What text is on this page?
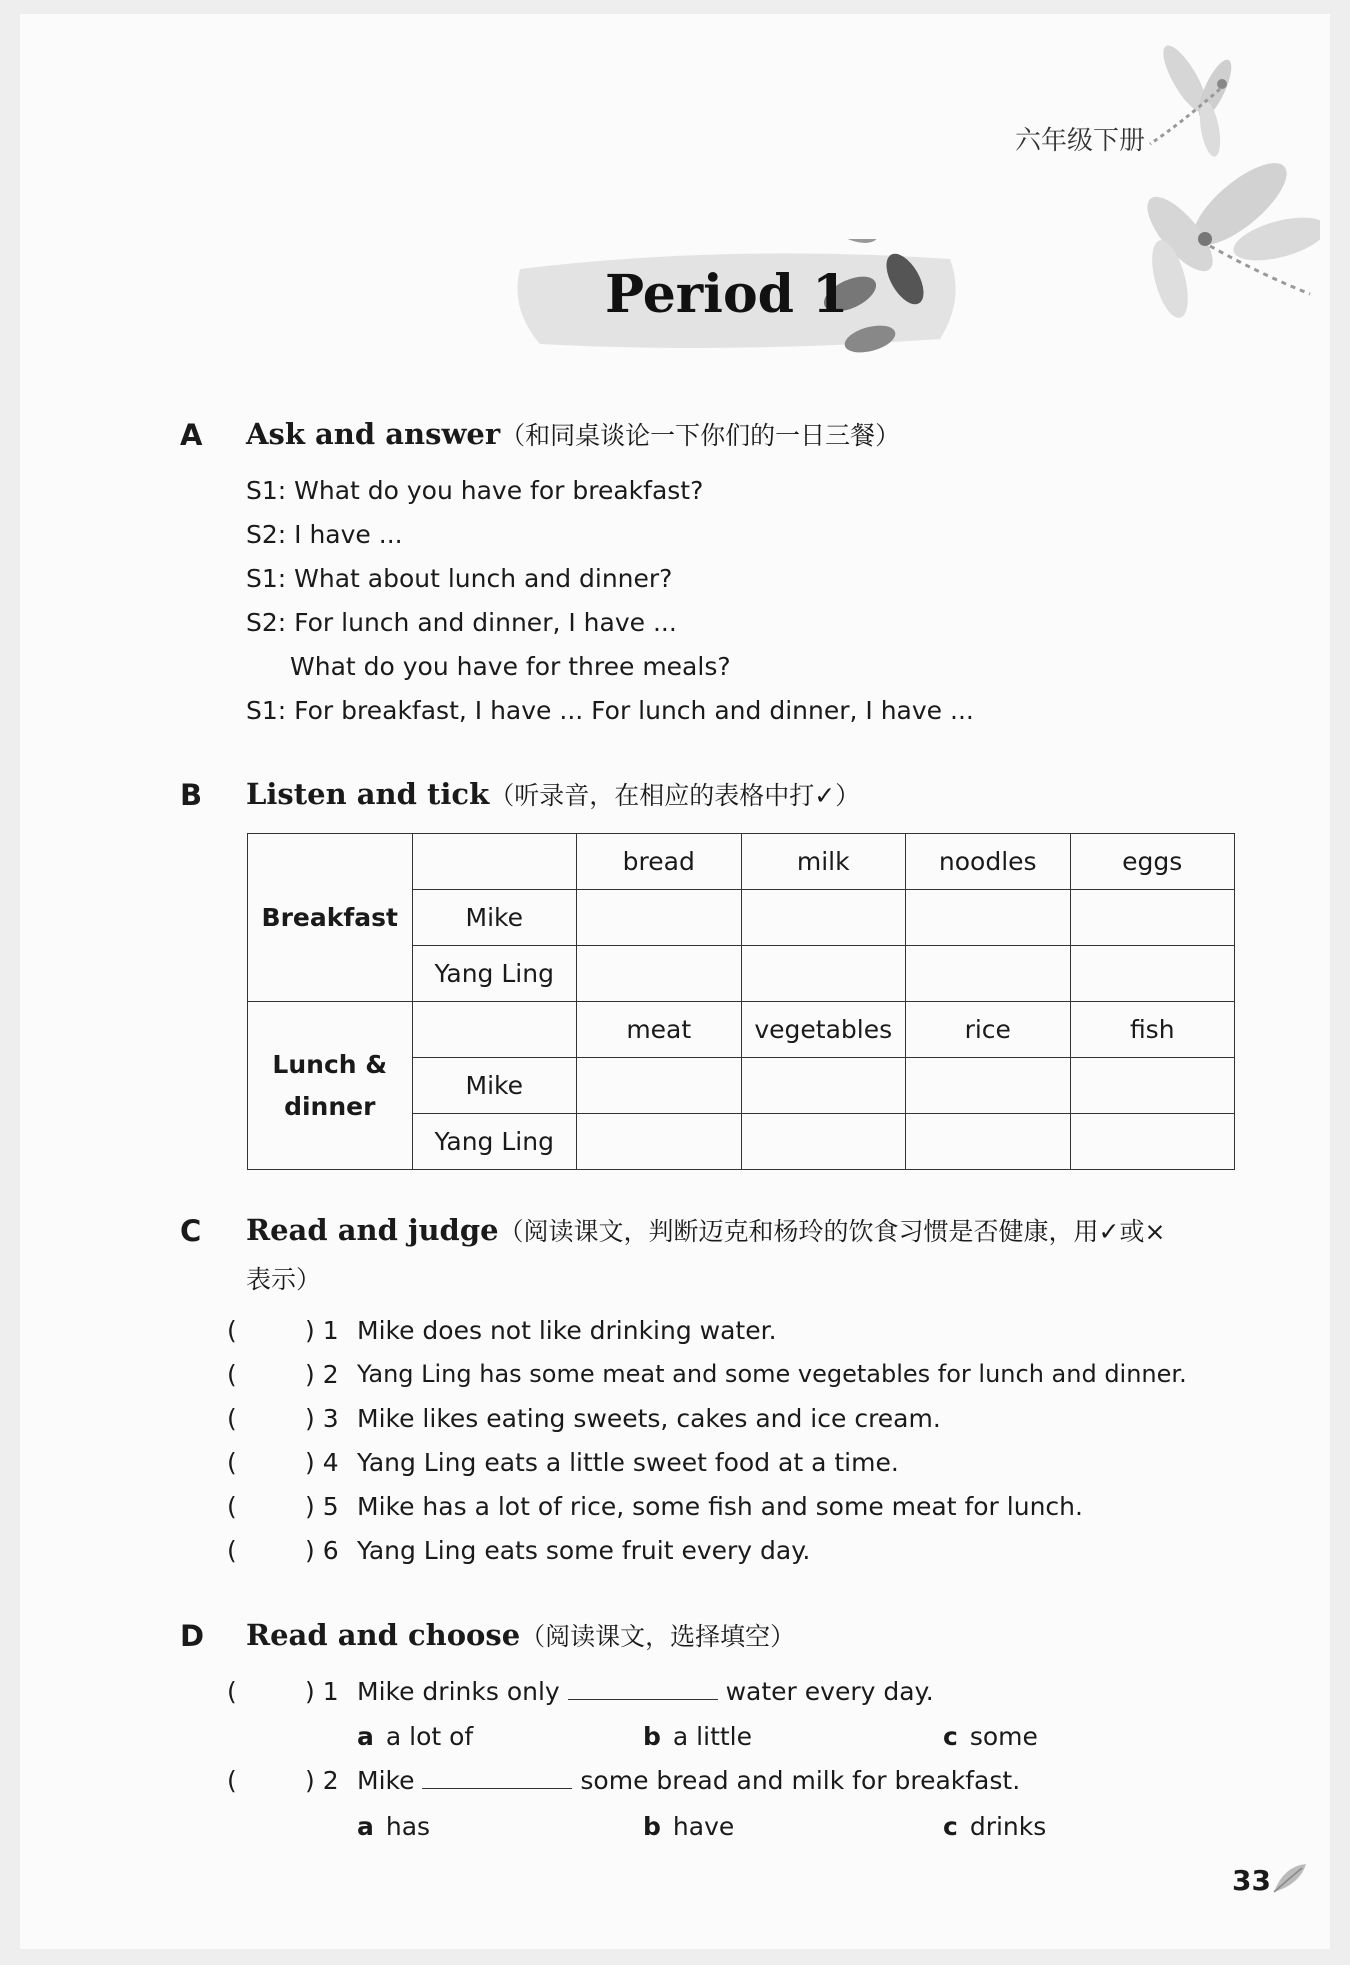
六年级下册
Period 1
A Ask and answer（和同桌谈论一下你们的一日三餐）
S1: What do you have for breakfast?
S2: I have ...
S1: What about lunch and dinner?
S2: For lunch and dinner, I have ...
What do you have for three meals?
S1: For breakfast, I have ... For lunch and dinner, I have ...
B Listen and tick（听录音，在相应的表格中打✓）
Breakfast		bread	milk	noodles	eggs
	Mike				
	Yang Ling				
Lunch &
dinner		meat	vegetables	rice	fish
	Mike				
	Yang Ling				
C Read and judge（阅读课文，判断迈克和杨玲的饮食习惯是否健康，用✓或×
表示）
(	) 1 Mike does not like drinking water.
(	) 2 Yang Ling has some meat and some vegetables for lunch and dinner.
(	) 3 Mike likes eating sweets, cakes and ice cream.
(	) 4 Yang Ling eats a little sweet food at a time.
(	) 5 Mike has a lot of rice, some fish and some meat for lunch.
(	) 6 Yang Ling eats some fruit every day.
D Read and choose（阅读课文，选择填空）
(	) 1 Mike drinks only	water every day.
a a lot of	b a little	c some
(	) 2 Mike	some bread and milk for breakfast.
a has	b have	c drinks
33
